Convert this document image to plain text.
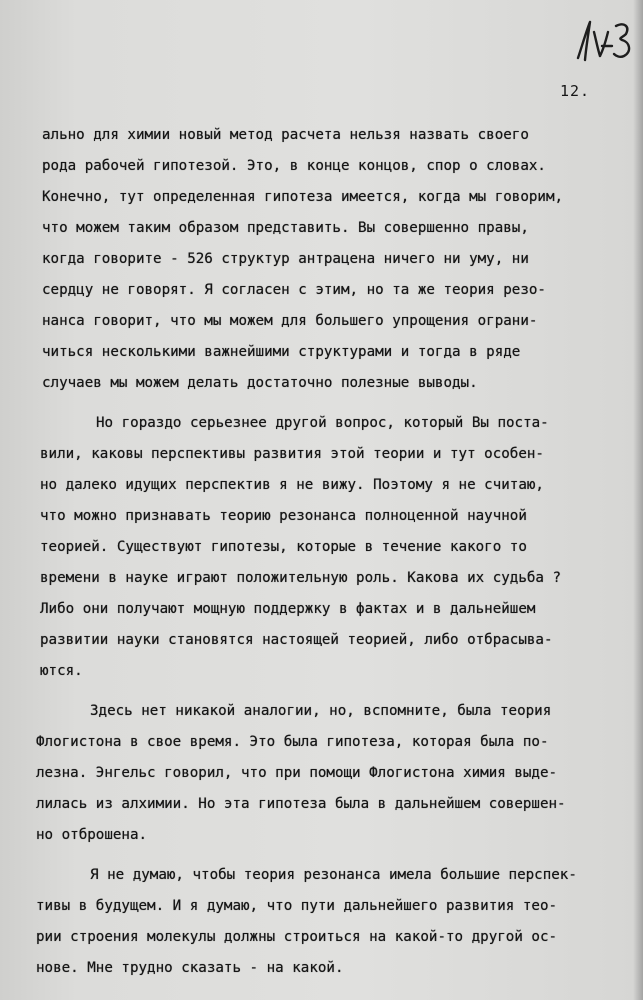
12.
ально для химии новый метод расчета нельзя назвать своего
рода рабочей гипотезой. Это, в конце концов, спор о словах.
Конечно, тут определенная гипотеза имеется, когда мы говорим,
что можем таким образом представить. Вы совершенно правы,
когда говорите - 526 структур антрацена ничего ни уму, ни
сердцу не говорят. Я согласен с этим, но та же теория резо-
нанса говорит, что мы можем для большего упрощения ограни-
читься несколькими важнейшими структурами и тогда в ряде
случаев мы можем делать достаточно полезные выводы.
Но гораздо серьезнее другой вопрос, который Вы поста-
вили, каковы перспективы развития этой теории и тут особен-
но далеко идущих перспектив я не вижу. Поэтому я не считаю,
что можно признавать теорию резонанса полноценной научной
теорией. Существуют гипотезы, которые в течение какого то
времени в науке играют положительную роль. Какова их судьба ?
Либо они получают мощную поддержку в фактах и в дальнейшем
развитии науки становятся настоящей теорией, либо отбрасыва-
ются.
Здесь нет никакой аналогии, но, вспомните, была теория
Флогистона в свое время. Это была гипотеза, которая была по-
лезна. Энгельс говорил, что при помощи Флогистона химия выде-
лилась из алхимии. Но эта гипотеза была в дальнейшем совершен-
но отброшена.
Я не думаю, чтобы теория резонанса имела большие перспек-
тивы в будущем. И я думаю, что пути дальнейшего развития тео-
рии строения молекулы должны строиться на какой-то другой ос-
нове. Мне трудно сказать - на какой.
